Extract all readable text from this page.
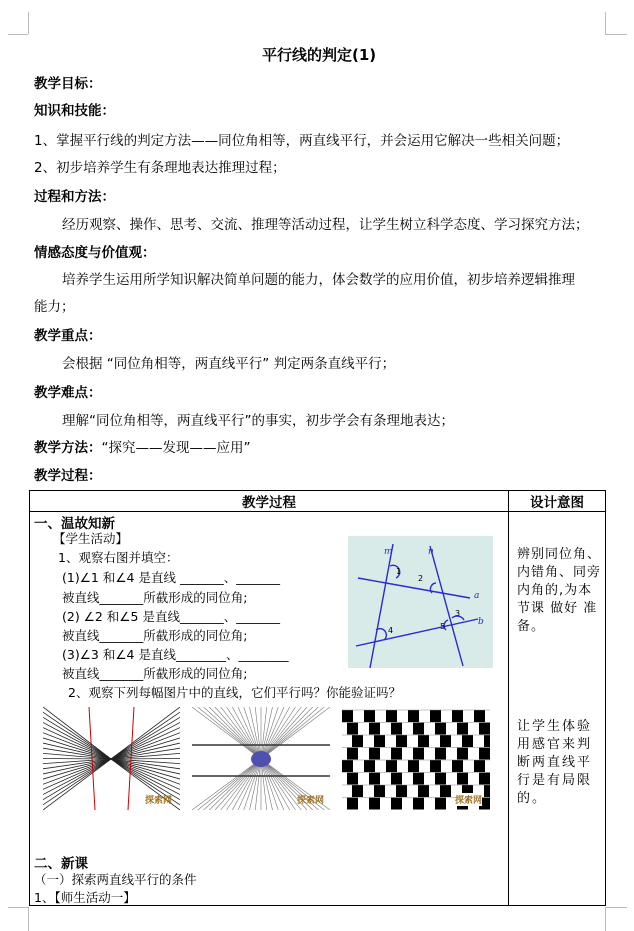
平行线的判定(1)
教学目标：
知识和技能：
1、掌握平行线的判定方法——同位角相等，两直线平行，并会运用它解决一些相关问题；
2、初步培养学生有条理地表达推理过程；
过程和方法：
经历观察、操作、思考、交流、推理等活动过程，让学生树立科学态度、学习探究方法；
情感态度与价值观：
培养学生运用所学知识解决简单问题的能力，体会数学的应用价值，初步培养逻辑推理
能力；
教学重点：
会根据 “同位角相等，两直线平行” 判定两条直线平行；
教学难点：
理解“同位角相等，两直线平行”的事实，初步学会有条理地表达；
教学方法：“探究——发现——应用”
教学过程：
教学过程	设计意图

一、温故知新
【学生活动】
1、观察右图并填空：
(1)∠1 和∠4 是直线 _______、_______
被直线_______所截形成的同位角;
(2) ∠2 和∠5 是直线_______、_______
被直线_______所截形成的同位角;
(3)∠3 和∠4 是直线________、________
被直线_______所截形成的同位角;
2、观察下列每幅图片中的直线，它们平行吗？你能验证吗？
m	n
a
b
1
2
3
4	5
探索网	探索网	探索网
二、新课
（一）探索两直线平行的条件
1、【师生活动一】
辨别同位角、
内错角、同旁
内角的,为本
节课 做好 准
备。
让学生体验
用感官来判
断两直线平
行是有局限
的。
